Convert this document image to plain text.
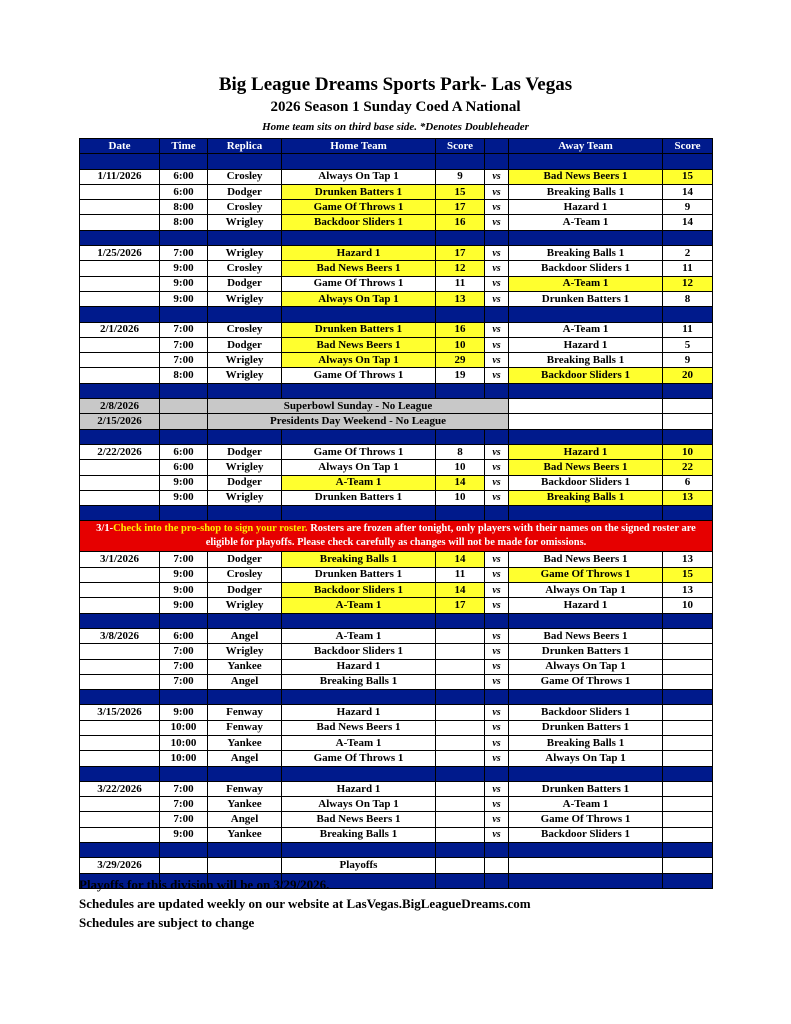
Big League Dreams Sports Park- Las Vegas
2026 Season 1 Sunday Coed A National
Home team sits on third base side. *Denotes Doubleheader
Date	Time	Replica	Home Team	Score		Away Team	Score

1/11/2026	6:00	Crosley	Always On Tap 1	9	vs	Bad News Beers 1	15
	6:00	Dodger	Drunken Batters 1	15	vs	Breaking Balls 1	14
	8:00	Crosley	Game Of Throws 1	17	vs	Hazard 1	9
	8:00	Wrigley	Backdoor Sliders 1	16	vs	A-Team 1	14

1/25/2026	7:00	Wrigley	Hazard 1	17	vs	Breaking Balls 1	2
	9:00	Crosley	Bad News Beers 1	12	vs	Backdoor Sliders 1	11
	9:00	Dodger	Game Of Throws 1	11	vs	A-Team 1	12
	9:00	Wrigley	Always On Tap 1	13	vs	Drunken Batters 1	8

2/1/2026	7:00	Crosley	Drunken Batters 1	16	vs	A-Team 1	11
	7:00	Dodger	Bad News Beers 1	10	vs	Hazard 1	5
	7:00	Wrigley	Always On Tap 1	29	vs	Breaking Balls 1	9
	8:00	Wrigley	Game Of Throws 1	19	vs	Backdoor Sliders 1	20

2/8/2026		Superbowl Sunday - No League					
2/15/2026		Presidents Day Weekend - No League					

2/22/2026	6:00	Dodger	Game Of Throws 1	8	vs	Hazard 1	10
	6:00	Wrigley	Always On Tap 1	10	vs	Bad News Beers 1	22
	9:00	Dodger	A-Team 1	14	vs	Backdoor Sliders 1	6
	9:00	Wrigley	Drunken Batters 1	10	vs	Breaking Balls 1	13

3/1-Check into the pro-shop to sign your roster. Rosters are frozen after tonight, only players with their names on the signed roster are eligible for playoffs. Please check carefully as changes will not be made for omissions.							
3/1/2026	7:00	Dodger	Breaking Balls 1	14	vs	Bad News Beers 1	13
	9:00	Crosley	Drunken Batters 1	11	vs	Game Of Throws 1	15
	9:00	Dodger	Backdoor Sliders 1	14	vs	Always On Tap 1	13
	9:00	Wrigley	A-Team 1	17	vs	Hazard 1	10

3/8/2026	6:00	Angel	A-Team 1		vs	Bad News Beers 1	
	7:00	Wrigley	Backdoor Sliders 1		vs	Drunken Batters 1	
	7:00	Yankee	Hazard 1		vs	Always On Tap 1	
	7:00	Angel	Breaking Balls 1		vs	Game Of Throws 1	

3/15/2026	9:00	Fenway	Hazard 1		vs	Backdoor Sliders 1	
	10:00	Fenway	Bad News Beers 1		vs	Drunken Batters 1	
	10:00	Yankee	A-Team 1		vs	Breaking Balls 1	
	10:00	Angel	Game Of Throws 1		vs	Always On Tap 1	

3/22/2026	7:00	Fenway	Hazard 1		vs	Drunken Batters 1	
	7:00	Yankee	Always On Tap 1		vs	A-Team 1	
	7:00	Angel	Bad News Beers 1		vs	Game Of Throws 1	
	9:00	Yankee	Breaking Balls 1		vs	Backdoor Sliders 1	

3/29/2026			Playoffs				

Playoffs for this division will be on 3/29/2026.
Schedules are updated weekly on our website at LasVegas.BigLeagueDreams.com
Schedules are subject to change
